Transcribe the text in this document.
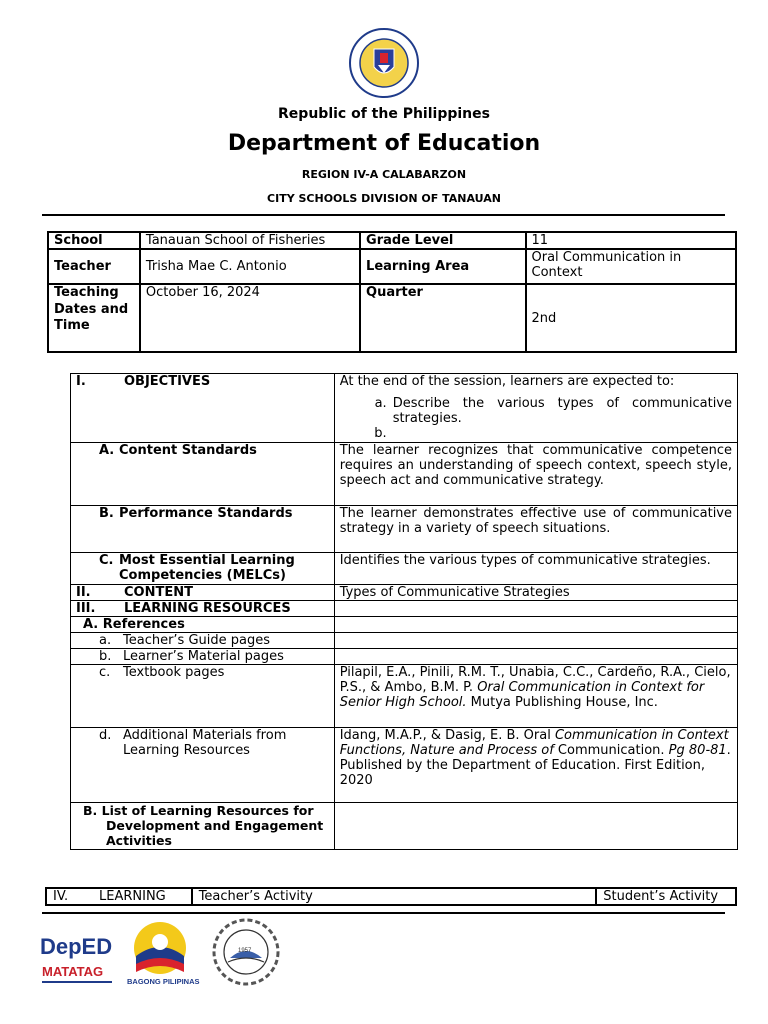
Republic of the Philippines
Department of Education
REGION IV-A CALABARZON
CITY SCHOOLS DIVISION OF TANAUAN
School	Tanauan School of Fisheries	Grade Level	11
Teacher	Trisha Mae C. Antonio	Learning Area	Oral Communication in Context
Teaching Dates and Time	October 16, 2024	Quarter	2nd
I. OBJECTIVES	At the end of the session, learners are expected to:
a. Describe the various types of communicative strategies.
b.

A. Content Standards	The learner recognizes that communicative competence requires an understanding of speech context, speech style, speech act and communicative strategy.
B. Performance Standards	The learner demonstrates effective use of communicative strategy in a variety of speech situations.

C. Most Essential Learning Competencies (MELCs)	Identifies the various types of communicative strategies.
II. CONTENT	Types of Communicative Strategies
III. LEARNING RESOURCES	
A. References	
a. Teacher’s Guide pages	
b. Learner’s Material pages	
c. Textbook pages	Pilapil, E.A., Pinili, R.M. T., Unabia, C.C., Cardeño, R.A., Cielo, P.S., & Ambo, B.M. P. Oral Communication in Context for Senior High School. Mutya Publishing House, Inc.

d. Additional Materials from Learning Resources	Idang, M.A.P., & Dasig, E. B. Oral Communication in Context Functions, Nature and Process of Communication. Pg 80-81. Published by the Department of Education. First Edition, 2020

B. List of Learning Resources for Development and Engagement Activities	

IV. LEARNING	Teacher’s Activity	Student’s Activity
DepED
MATATAG
BAGONG PILIPINAS
1957
